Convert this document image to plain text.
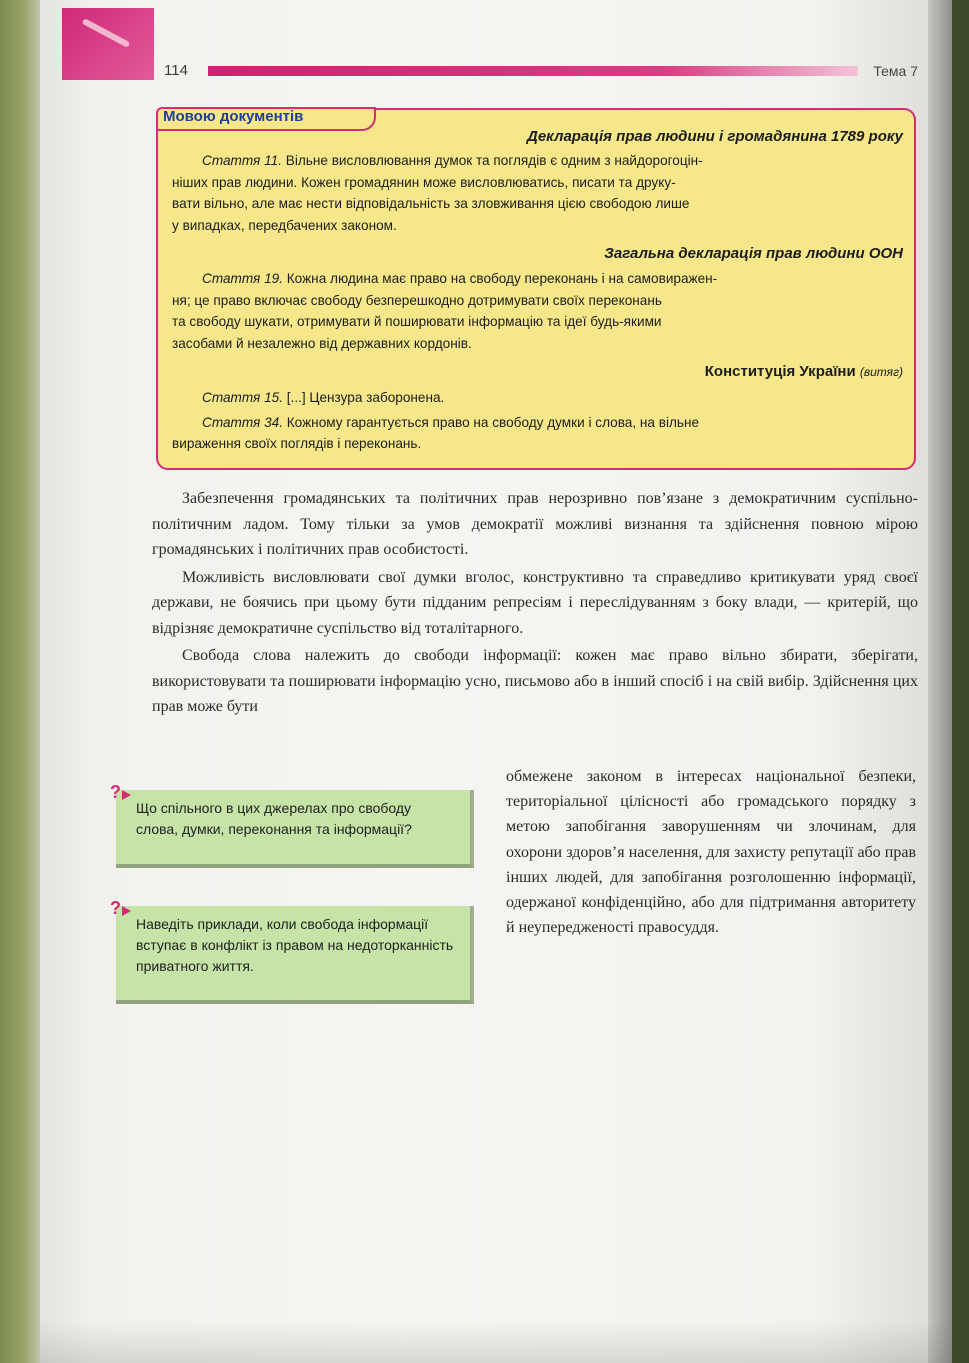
114	Тема 7
Мовою документів
Декларація прав людини і громадянина 1789 року
Стаття 11. Вільне висловлювання думок та поглядів є одним з найдорогоцін-
ніших прав людини. Кожен громадянин може висловлюватись, писати та друку-
вати вільно, але має нести відповідальність за зловживання цією свободою лише
у випадках, передбачених законом.
Загальна декларація прав людини ООН
Стаття 19. Кожна людина має право на свободу переконань і на самовиражен-
ня; це право включає свободу безперешкодно дотримувати своїх переконань
та свободу шукати, отримувати й поширювати інформацію та ідеї будь-якими
засобами й незалежно від державних кордонів.
Конституція України (витяг)
Стаття 15. [...] Цензура заборонена.
Стаття 34. Кожному гарантується право на свободу думки і слова, на вільне
вираження своїх поглядів і переконань.

Забезпечення громадянських та політичних прав нерозривно пов’язане з демократичним суспільно-політичним ладом. Тому тільки за умов демократії можливі визнання та здійснення повною мірою громадянських і політичних прав особистості.

Можливість висловлювати свої думки вголос, конструктивно та справедливо критикувати уряд своєї держави, не боячись при цьому бути підданим репресіям і переслідуванням з боку влади, — критерій, що відрізняє демократичне суспільство від тоталітарного.

Свобода слова належить до свободи інформації: кожен має право вільно збирати, зберігати, використовувати та поширювати інформацію усно, письмово або в інший спосіб і на свій вибір. Здійснення цих прав може бути

обмежене законом в інтересах національної безпеки, територіальної цілісності або громадського порядку з метою запобігання заворушенням чи злочинам, для охорони здоров’я населення, для захисту репутації або прав інших людей, для запобігання розголошенню інформації, одержаної конфіденційно, або для підтримання авторитету й неупередженості правосуддя.
?
Що спільного в цих джерелах про свободу слова, думки, переконання та інформації?
?
Наведіть приклади, коли свобода інформації вступає в конфлікт із правом на недоторканність приватного життя.
